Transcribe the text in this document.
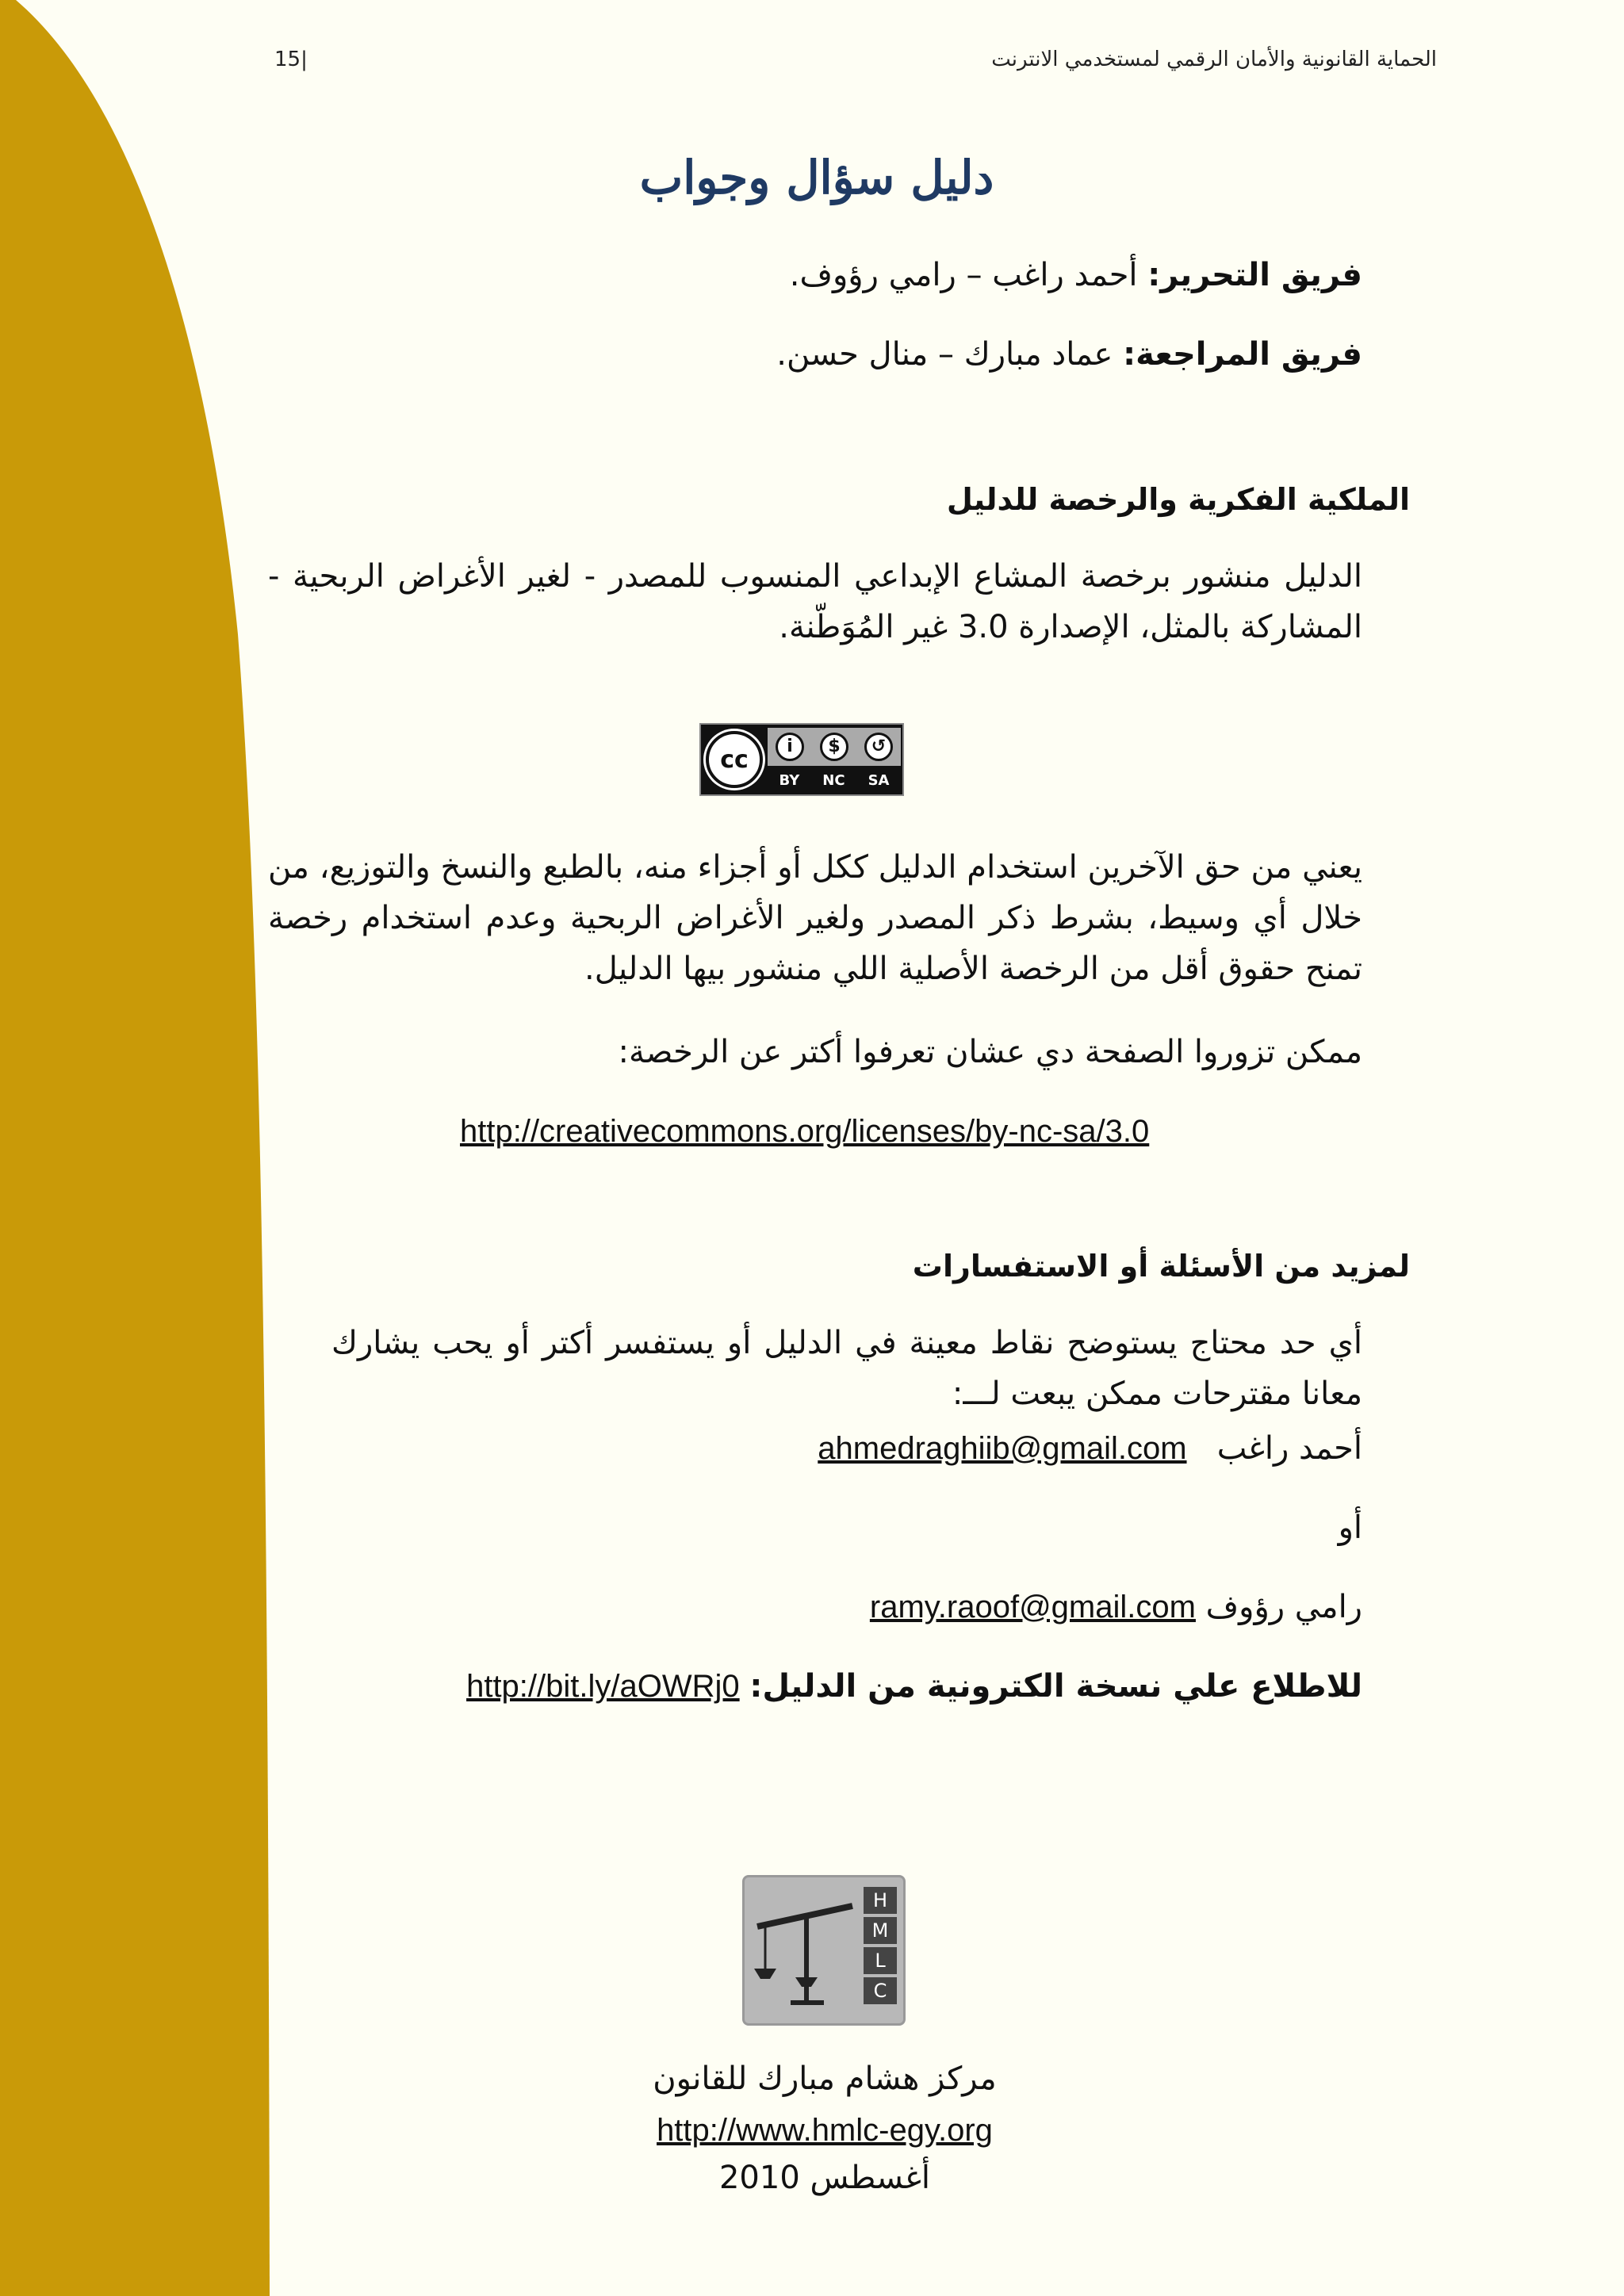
15|	الحماية القانونية والأمان الرقمي لمستخدمي الانترنت
دليل سؤال وجواب
فريق التحرير: أحمد راغب – رامي رؤوف.
فريق المراجعة: عماد مبارك – منال حسن.
الملكية الفكرية والرخصة للدليل
الدليل منشور برخصة المشاع الإبداعي المنسوب للمصدر - لغير الأغراض الربحية - المشاركة بالمثل، الإصدارة 3.0 غير المُوَطّنة.
cc	i	$	↺
BY NC SA
يعني من حق الآخرين استخدام الدليل ككل أو أجزاء منه، بالطبع والنسخ والتوزيع، من خلال أي وسيط، بشرط ذكر المصدر ولغير الأغراض الربحية وعدم استخدام رخصة تمنح حقوق أقل من الرخصة الأصلية اللي منشور بيها الدليل.
ممكن تزوروا الصفحة دي عشان تعرفوا أكتر عن الرخصة:
http://creativecommons.org/licenses/by-nc-sa/3.0
لمزيد من الأسئلة أو الاستفسارات
أي حد محتاج يستوضح نقاط معينة في الدليل أو يستفسر أكتر أو يحب يشارك معانا مقترحات ممكن يبعت لـــ:
أحمد راغب   ahmedraghiib@gmail.com
أو
رامي رؤوف ramy.raoof@gmail.com
للاطلاع علي نسخة الكترونية من الدليل: http://bit.ly/aOWRj0
H
M
L
C
مركز هشام مبارك للقانون
http://www.hmlc-egy.org
أغسطس 2010
